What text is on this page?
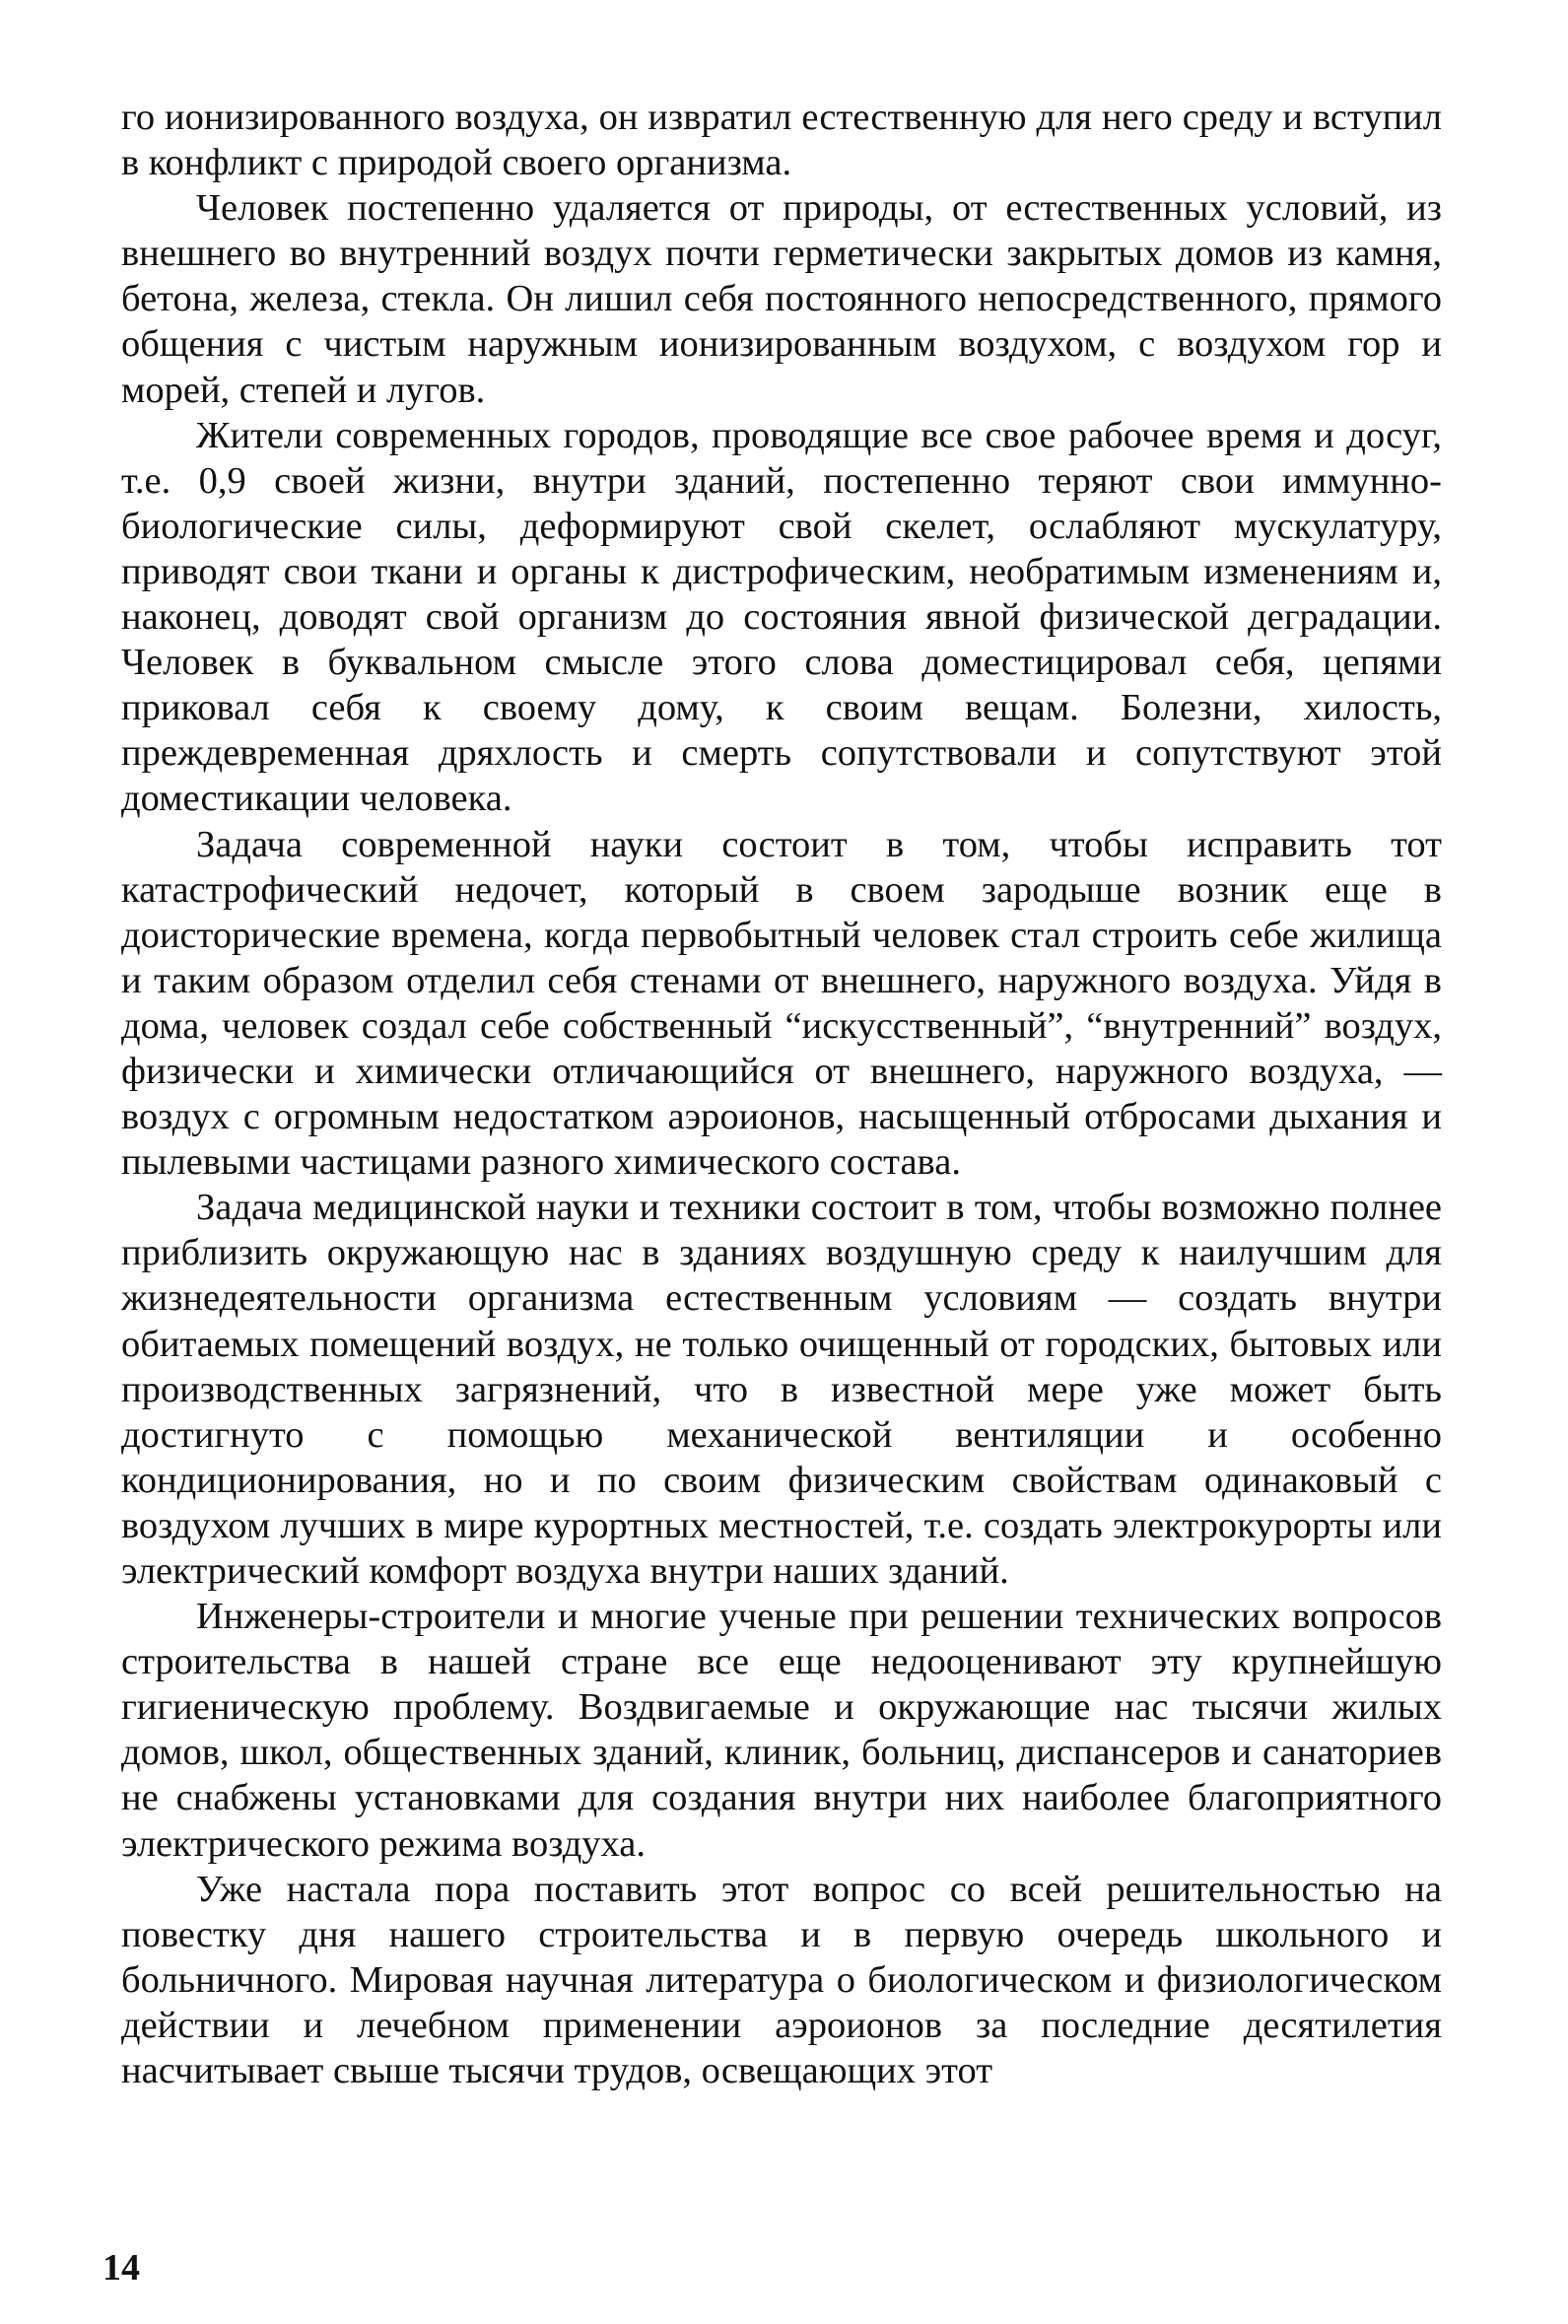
го ионизированного воздуха, он извратил естественную для него среду и вступил в конфликт с природой своего организма.

Человек постепенно удаляется от природы, от естественных условий, из внешнего во внутренний воздух почти герметически закрытых домов из камня, бетона, железа, стекла. Он лишил себя постоянного непосредственного, прямого общения с чистым наружным ионизированным воздухом, с воздухом гор и морей, степей и лугов.

Жители современных городов, проводящие все свое рабочее время и досуг, т.е. 0,9 своей жизни, внутри зданий, постепенно теряют свои иммунно-биологические силы, деформируют свой скелет, ослабляют мускулатуру, приводят свои ткани и органы к дистрофическим, необратимым изменениям и, наконец, доводят свой организм до состояния явной физической деградации. Человек в буквальном смысле этого слова доместицировал себя, цепями приковал себя к своему дому, к своим вещам. Болезни, хилость, преждевременная дряхлость и смерть сопутствовали и сопутствуют этой доместикации человека.

Задача современной науки состоит в том, чтобы исправить тот катастрофический недочет, который в своем зародыше возник еще в доисторические времена, когда первобытный человек стал строить себе жилища и таким образом отделил себя стенами от внешнего, наружного воздуха. Уйдя в дома, человек создал себе собственный “искусственный”, “внутренний” воздух, физически и химически отличающийся от внешнего, наружного воздуха, — воздух с огромным недостатком аэроионов, насыщенный отбросами дыхания и пылевыми частицами разного химического состава.

Задача медицинской науки и техники состоит в том, чтобы возможно полнее приблизить окружающую нас в зданиях воздушную среду к наилучшим для жизнедеятельности организма естественным условиям — создать внутри обитаемых помещений воздух, не только очищенный от городских, бытовых или производственных загрязнений, что в известной мере уже может быть достигнуто с помощью механической вентиляции и особенно кондиционирования, но и по своим физическим свойствам одинаковый с воздухом лучших в мире курортных местностей, т.е. создать электрокурорты или электрический комфорт воздуха внутри наших зданий.

Инженеры-строители и многие ученые при решении технических вопросов строительства в нашей стране все еще недооценивают эту крупнейшую гигиеническую проблему. Воздвигаемые и окружающие нас тысячи жилых домов, школ, общественных зданий, клиник, больниц, диспансеров и санаториев не снабжены установками для создания внутри них наиболее благоприятного электрического режима воздуха.

Уже настала пора поставить этот вопрос со всей решительностью на повестку дня нашего строительства и в первую очередь школьного и больничного. Мировая научная литература о биологическом и физиологическом действии и лечебном применении аэроионов за последние десятилетия насчитывает свыше тысячи трудов, освещающих этот

14
